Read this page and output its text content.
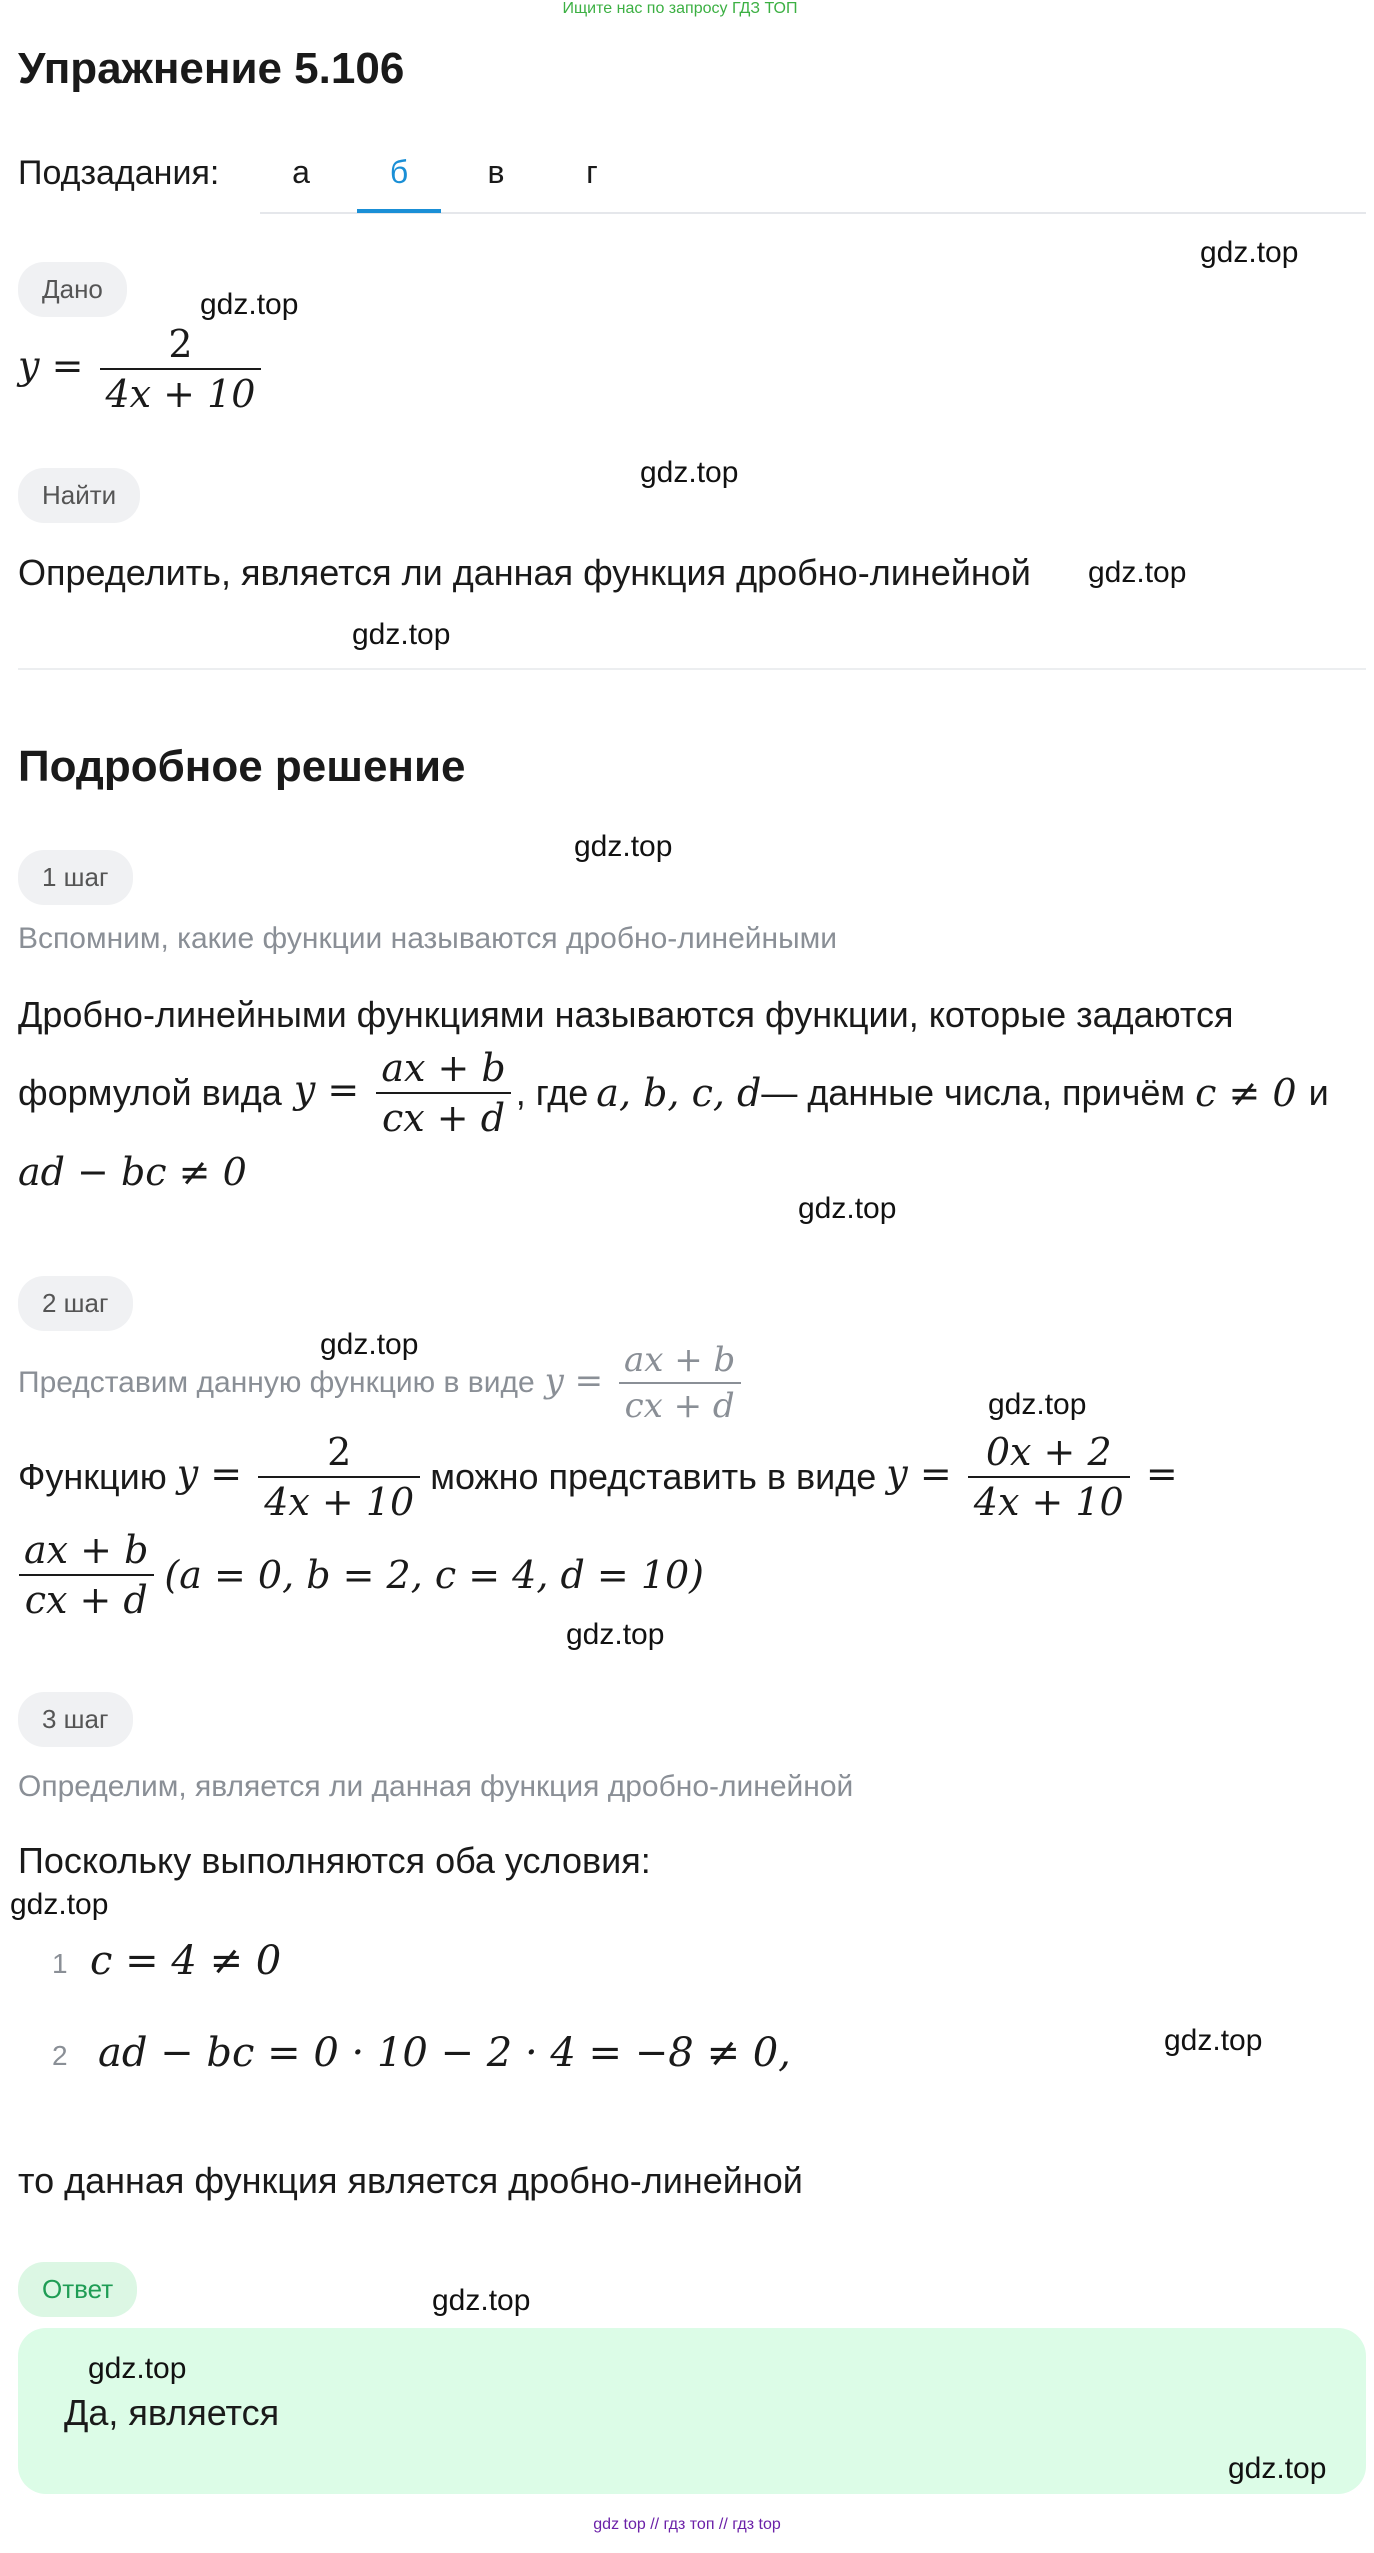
Ищите нас по запросу ГДЗ ТОП
Упражнение 5.106
Подзадания:	а	б	в	г
Дано
$y = \frac{2}{4x + 10}$
Найти
Определить, является ли данная функция дробно-линейной
Подробное решение
1 шаг
Вспомним, какие функции называются дробно-линейными
Дробно-линейными функциями называются функции, которые задаются
формулой вида $y = \frac{ax + b}{cx + d}$ , где a, b, c, d — данные числа, причём c ≠ 0 и
ad − bc ≠ 0
2 шаг
Представим данную функцию в виде $y = \frac{ax + b}{cx + d}$
Функцию $y = \frac{2}{4x + 10}$ можно представить в виде $y = \frac{0x + 2}{4x + 10}$ =
$\frac{ax + b}{cx + d} (a = 0$, b = 2, c = 4, d = 10)
3 шаг
Определим, является ли данная функция дробно-линейной
Поскольку выполняются оба условия:
1 c = 4 ≠ 0
2 ad − bc = 0 · 10 − 2 · 4 = −8 ≠ 0,
то данная функция является дробно-линейной
Ответ
Да, является
gdz.top
gdz.top
gdz.top
gdz.top
gdz.top
gdz.top
gdz.top
gdz.top
gdz.top
gdz.top
gdz.top
gdz.top
gdz.top
gdz.top
gdz.top
gdz top // гдз топ // гдз top
